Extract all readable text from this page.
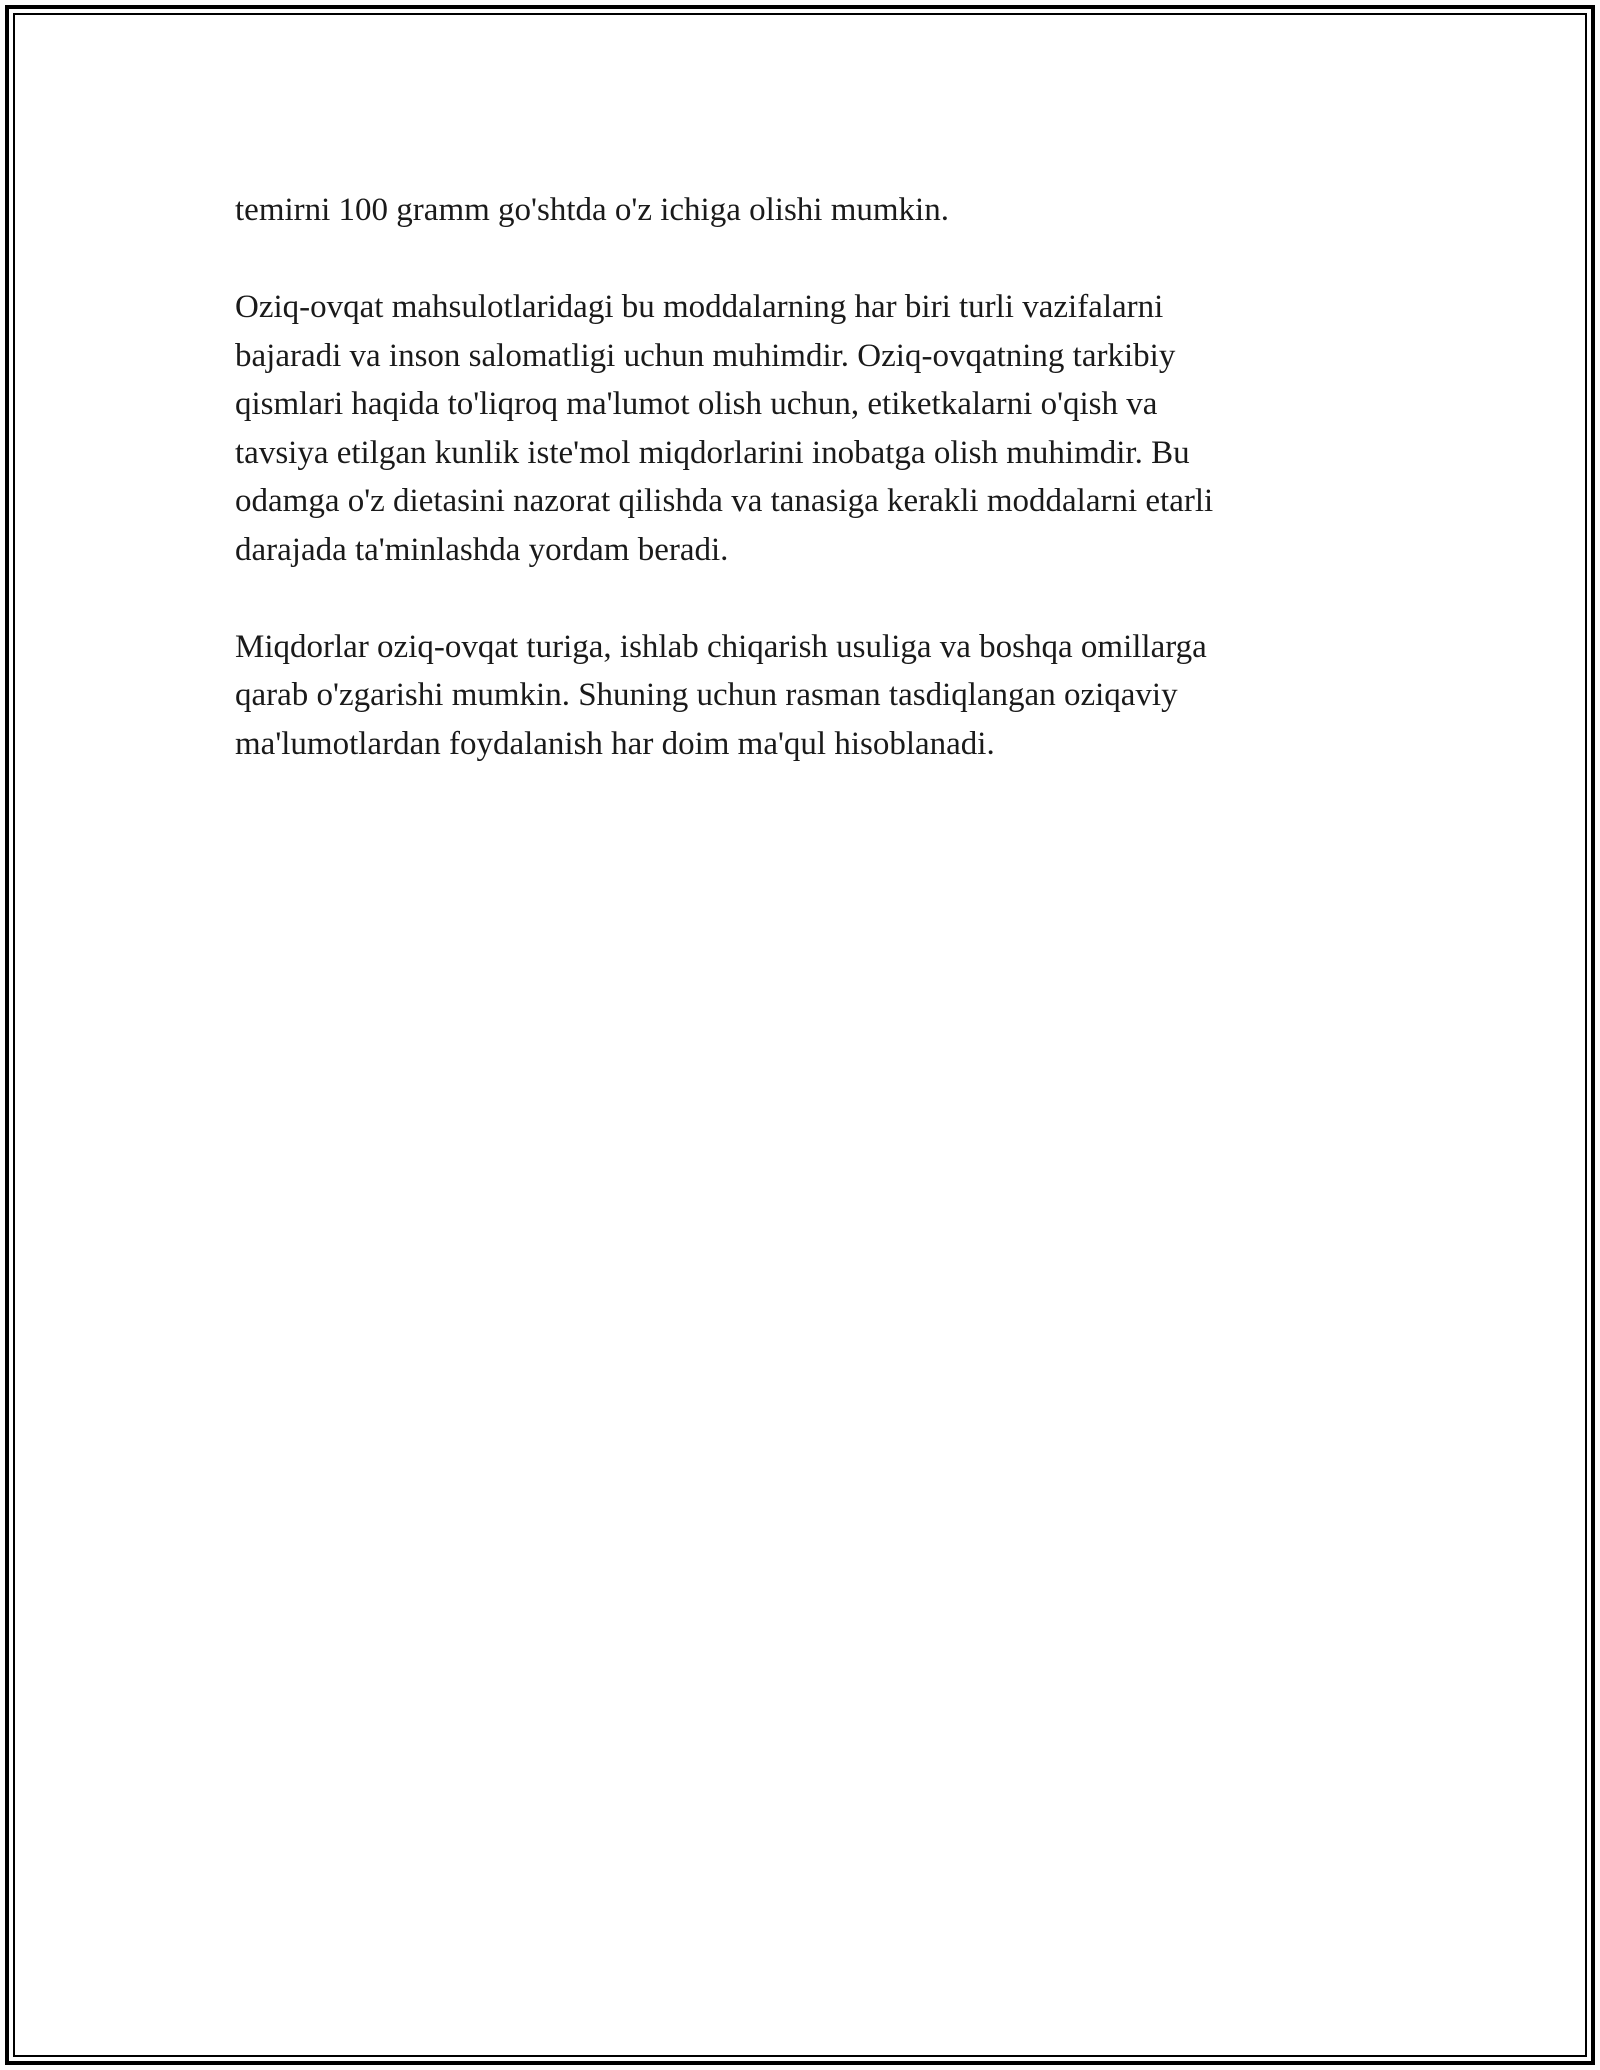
temirni 100 gramm go'shtda o'z ichiga olishi mumkin.

Oziq-ovqat mahsulotlaridagi bu moddalarning har biri turli vazifalarni
bajaradi va inson salomatligi uchun muhimdir. Oziq-ovqatning tarkibiy
qismlari haqida to'liqroq ma'lumot olish uchun, etiketkalarni o'qish va
tavsiya etilgan kunlik iste'mol miqdorlarini inobatga olish muhimdir. Bu
odamga o'z dietasini nazorat qilishda va tanasiga kerakli moddalarni etarli
darajada ta'minlashda yordam beradi.

Miqdorlar oziq-ovqat turiga, ishlab chiqarish usuliga va boshqa omillarga
qarab o'zgarishi mumkin. Shuning uchun rasman tasdiqlangan oziqaviy
ma'lumotlardan foydalanish har doim ma'qul hisoblanadi.
